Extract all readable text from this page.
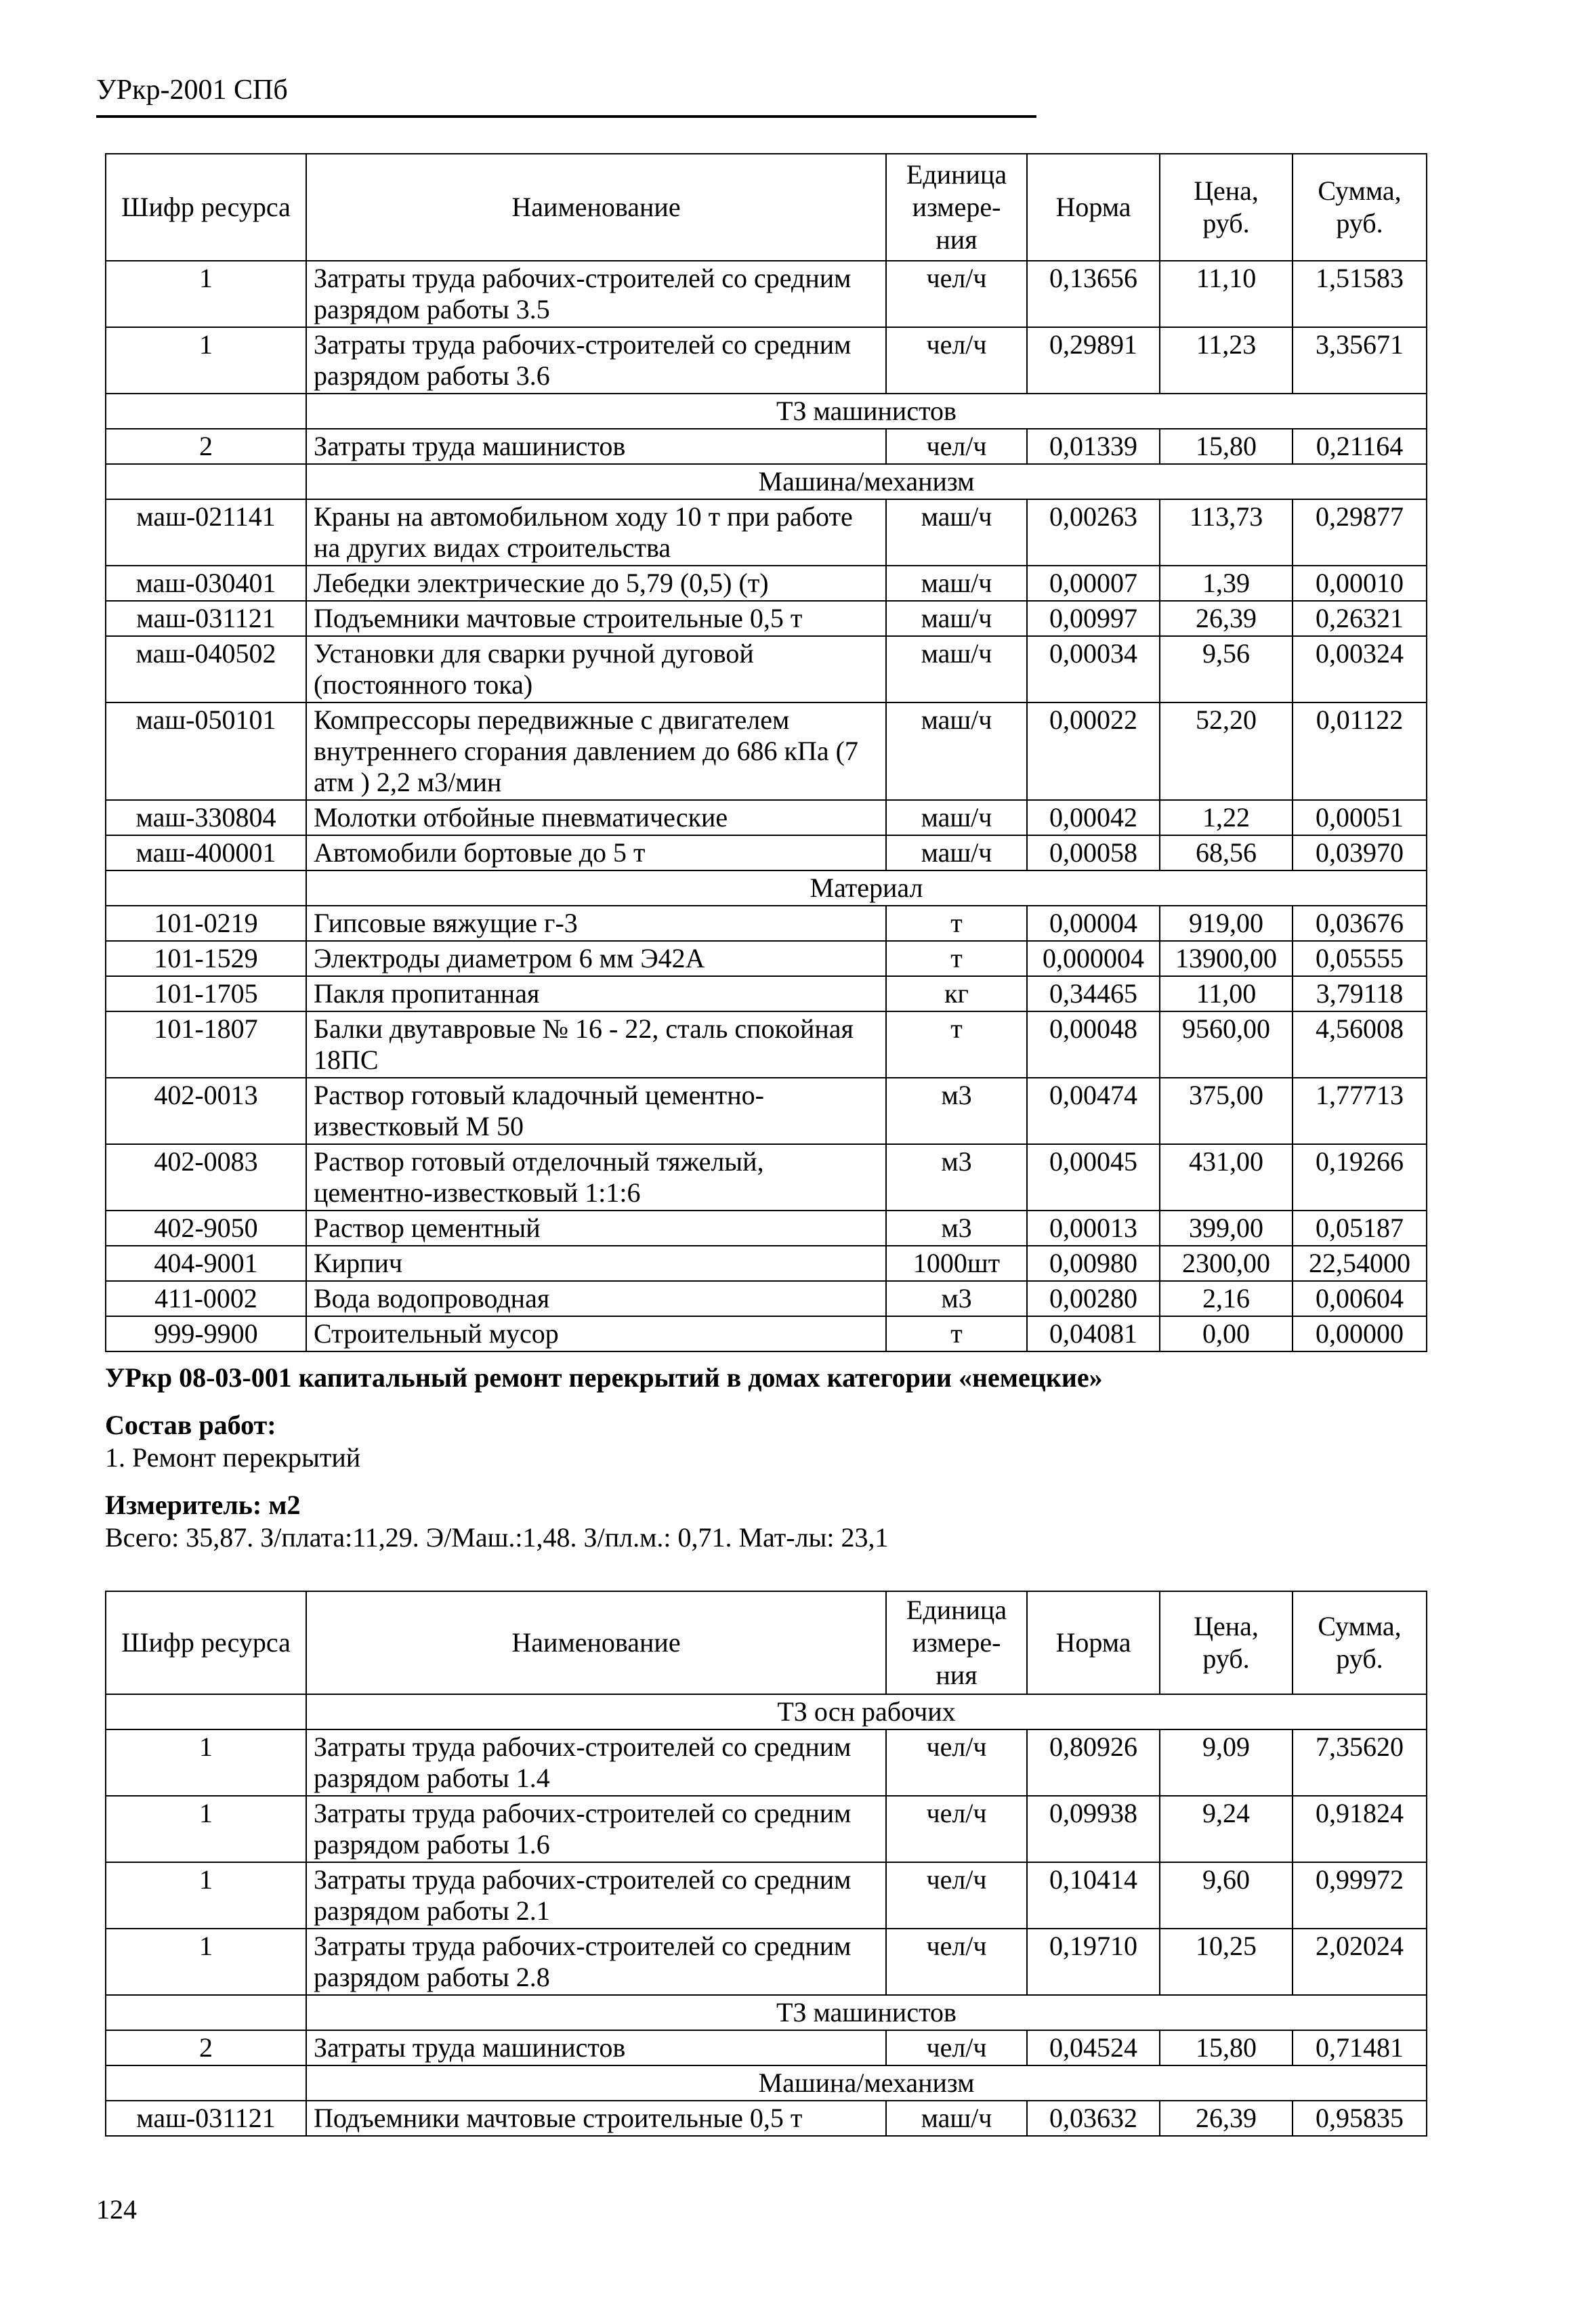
УРкр-2001 СПб
Шифр ресурса	Наименование	Единица измере-ния	Норма	Цена, руб.	Сумма, руб.
1	Затраты труда рабочих-строителей со средним разрядом работы 3.5	чел/ч	0,13656	11,10	1,51583
1	Затраты труда рабочих-строителей со средним разрядом работы 3.6	чел/ч	0,29891	11,23	3,35671
	ТЗ машинистов				
2	Затраты труда машинистов	чел/ч	0,01339	15,80	0,21164
	Машина/механизм				
маш-021141	Краны на автомобильном ходу 10 т при работе на других видах строительства	маш/ч	0,00263	113,73	0,29877
маш-030401	Лебедки электрические до 5,79 (0,5) (т)	маш/ч	0,00007	1,39	0,00010
маш-031121	Подъемники мачтовые строительные 0,5 т	маш/ч	0,00997	26,39	0,26321
маш-040502	Установки для сварки ручной дуговой (постоянного тока)	маш/ч	0,00034	9,56	0,00324
маш-050101	Компрессоры передвижные с двигателем внутреннего сгорания давлением до 686 кПа (7 атм ) 2,2 м3/мин	маш/ч	0,00022	52,20	0,01122
маш-330804	Молотки отбойные пневматические	маш/ч	0,00042	1,22	0,00051
маш-400001	Автомобили бортовые до 5 т	маш/ч	0,00058	68,56	0,03970
	Материал				
101-0219	Гипсовые вяжущие г-3	т	0,00004	919,00	0,03676
101-1529	Электроды диаметром 6 мм Э42А	т	0,000004	13900,00	0,05555
101-1705	Пакля пропитанная	кг	0,34465	11,00	3,79118
101-1807	Балки двутавровые № 16 - 22, сталь спокойная 18ПС	т	0,00048	9560,00	4,56008
402-0013	Раствор готовый кладочный цементно-известковый М 50	м3	0,00474	375,00	1,77713
402-0083	Раствор готовый отделочный тяжелый, цементно-известковый 1:1:6	м3	0,00045	431,00	0,19266
402-9050	Раствор цементный	м3	0,00013	399,00	0,05187
404-9001	Кирпич	1000шт	0,00980	2300,00	22,54000
411-0002	Вода водопроводная	м3	0,00280	2,16	0,00604
999-9900	Строительный мусор	т	0,04081	0,00	0,00000
УРкр 08-03-001 капитальный ремонт перекрытий в домах категории «немецкие»
Состав работ:
1. Ремонт перекрытий
Измеритель: м2
Всего: 35,87. З/плата:11,29. Э/Маш.:1,48. З/пл.м.: 0,71. Мат-лы: 23,1
Шифр ресурса	Наименование	Единица измере-ния	Норма	Цена, руб.	Сумма, руб.
	ТЗ осн рабочих				
1	Затраты труда рабочих-строителей со средним разрядом работы 1.4	чел/ч	0,80926	9,09	7,35620
1	Затраты труда рабочих-строителей со средним разрядом работы 1.6	чел/ч	0,09938	9,24	0,91824
1	Затраты труда рабочих-строителей со средним разрядом работы 2.1	чел/ч	0,10414	9,60	0,99972
1	Затраты труда рабочих-строителей со средним разрядом работы 2.8	чел/ч	0,19710	10,25	2,02024
	ТЗ машинистов				
2	Затраты труда машинистов	чел/ч	0,04524	15,80	0,71481
	Машина/механизм				
маш-031121	Подъемники мачтовые строительные 0,5 т	маш/ч	0,03632	26,39	0,95835
124
